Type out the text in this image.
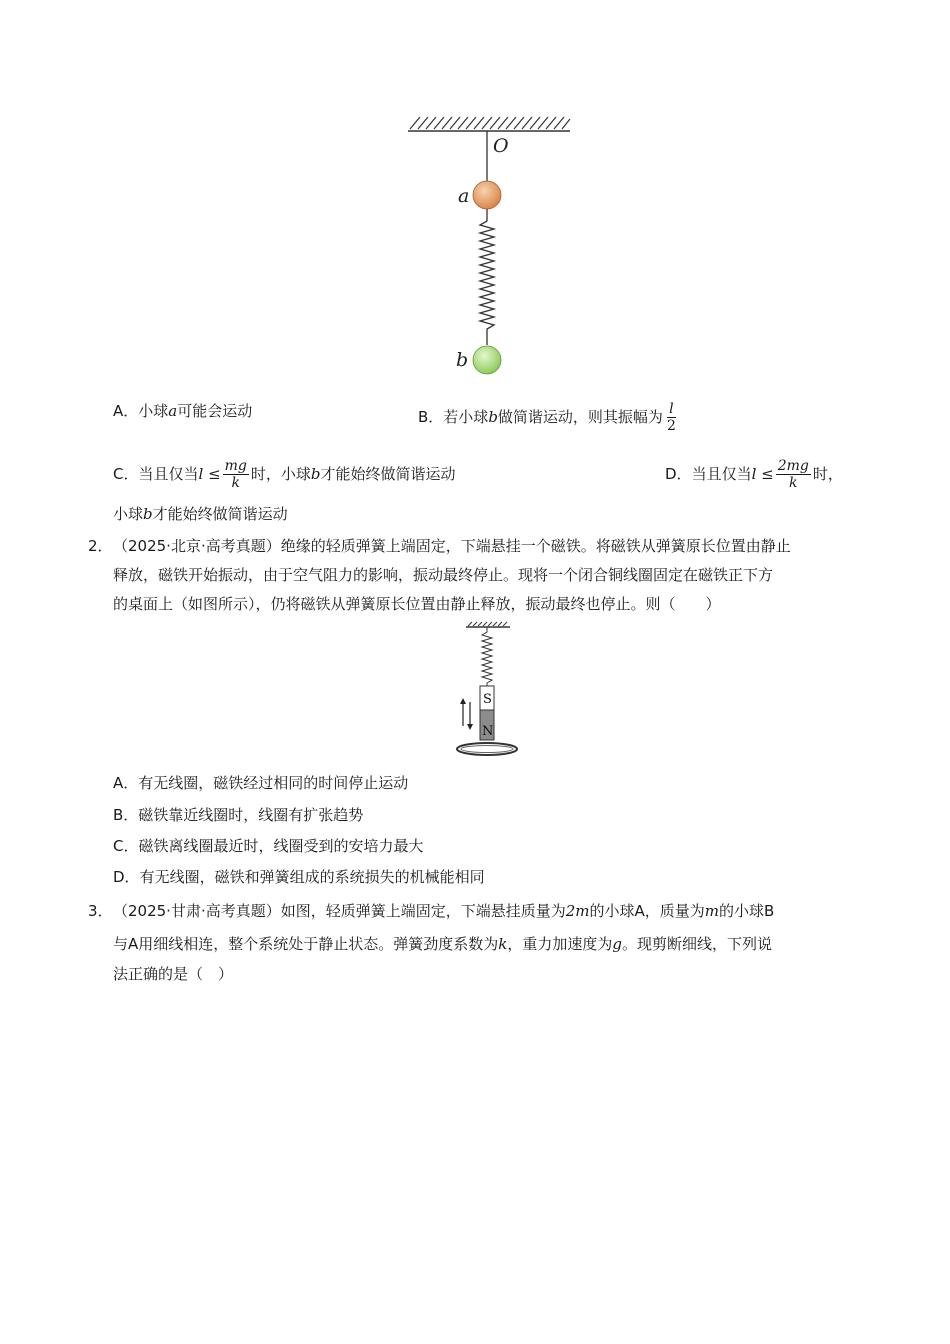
O
a
b
A．小球a可能会运动	B．若小球b做简谐运动，则其振幅为 $\frac{l}{2}$
C．当且仅当$l \le \frac{mg}{k}$ 时，小球b才能始终做简谐运动	D．当且仅当$l \le \frac{2mg}{k}$ 时，
小球b才能始终做简谐运动
2． （2025·北京·高考真题）绝缘的轻质弹簧上端固定，下端悬挂一个磁铁。将磁铁从弹簧原长位置由静止
释放，磁铁开始振动，由于空气阻力的影响，振动最终停止。现将一个闭合铜线圈固定在磁铁正下方
的桌面上（如图所示），仍将磁铁从弹簧原长位置由静止释放，振动最终也停止。则（　　）
S
N
A．有无线圈，磁铁经过相同的时间停止运动
B．磁铁靠近线圈时，线圈有扩张趋势
C．磁铁离线圈最近时，线圈受到的安培力最大
D．有无线圈，磁铁和弹簧组成的系统损失的机械能相同
3． （2025·甘肃·高考真题）如图，轻质弹簧上端固定，下端悬挂质量为2m的小球A，质量为m的小球B
与A用细线相连，整个系统处于静止状态。弹簧劲度系数为k，重力加速度为g。现剪断细线，下列说
法正确的是（　）
